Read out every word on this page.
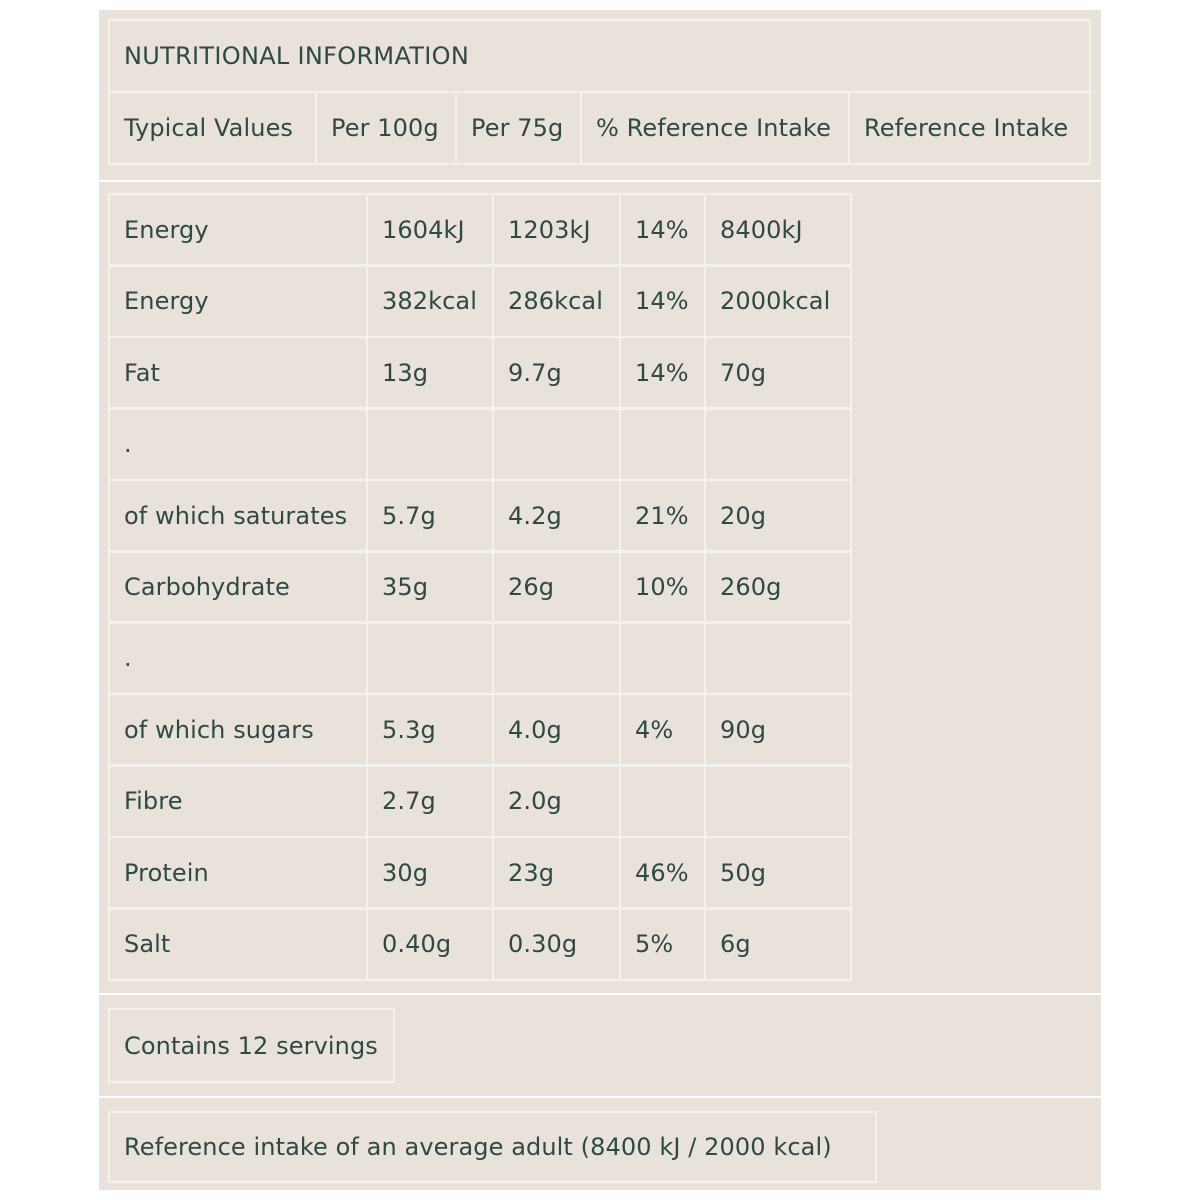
NUTRITIONAL INFORMATION
Typical Values	Per 100g	Per 75g	% Reference Intake	Reference Intake
Energy	1604kJ	1203kJ	14%	8400kJ
Energy	382kcal	286kcal	14%	2000kcal
Fat	13g	9.7g	14%	70g
.
of which saturates	5.7g	4.2g	21%	20g
Carbohydrate	35g	26g	10%	260g
.
of which sugars	5.3g	4.0g	4%	90g
Fibre	2.7g	2.0g
Protein	30g	23g	46%	50g
Salt	0.40g	0.30g	5%	6g
Contains 12 servings
Reference intake of an average adult (8400 kJ / 2000 kcal)
